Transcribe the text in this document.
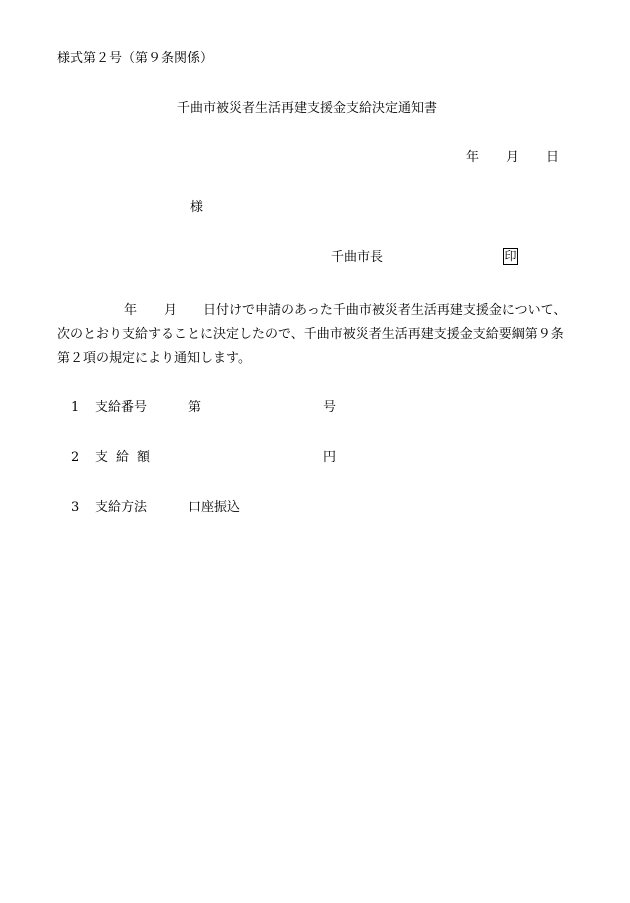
様式第２号（第９条関係）
千曲市被災者生活再建支援金支給決定通知書
年 月 日
様
千曲市長	印
年 月 日付けで申請のあった千曲市被災者生活再建支援金について、
次のとおり支給することに決定したので、千曲市被災者生活再建支援金支給要綱第９条
第２項の規定により通知します。
1 支給番号	第	号
2 支給額	円
3 支給方法	口座振込
